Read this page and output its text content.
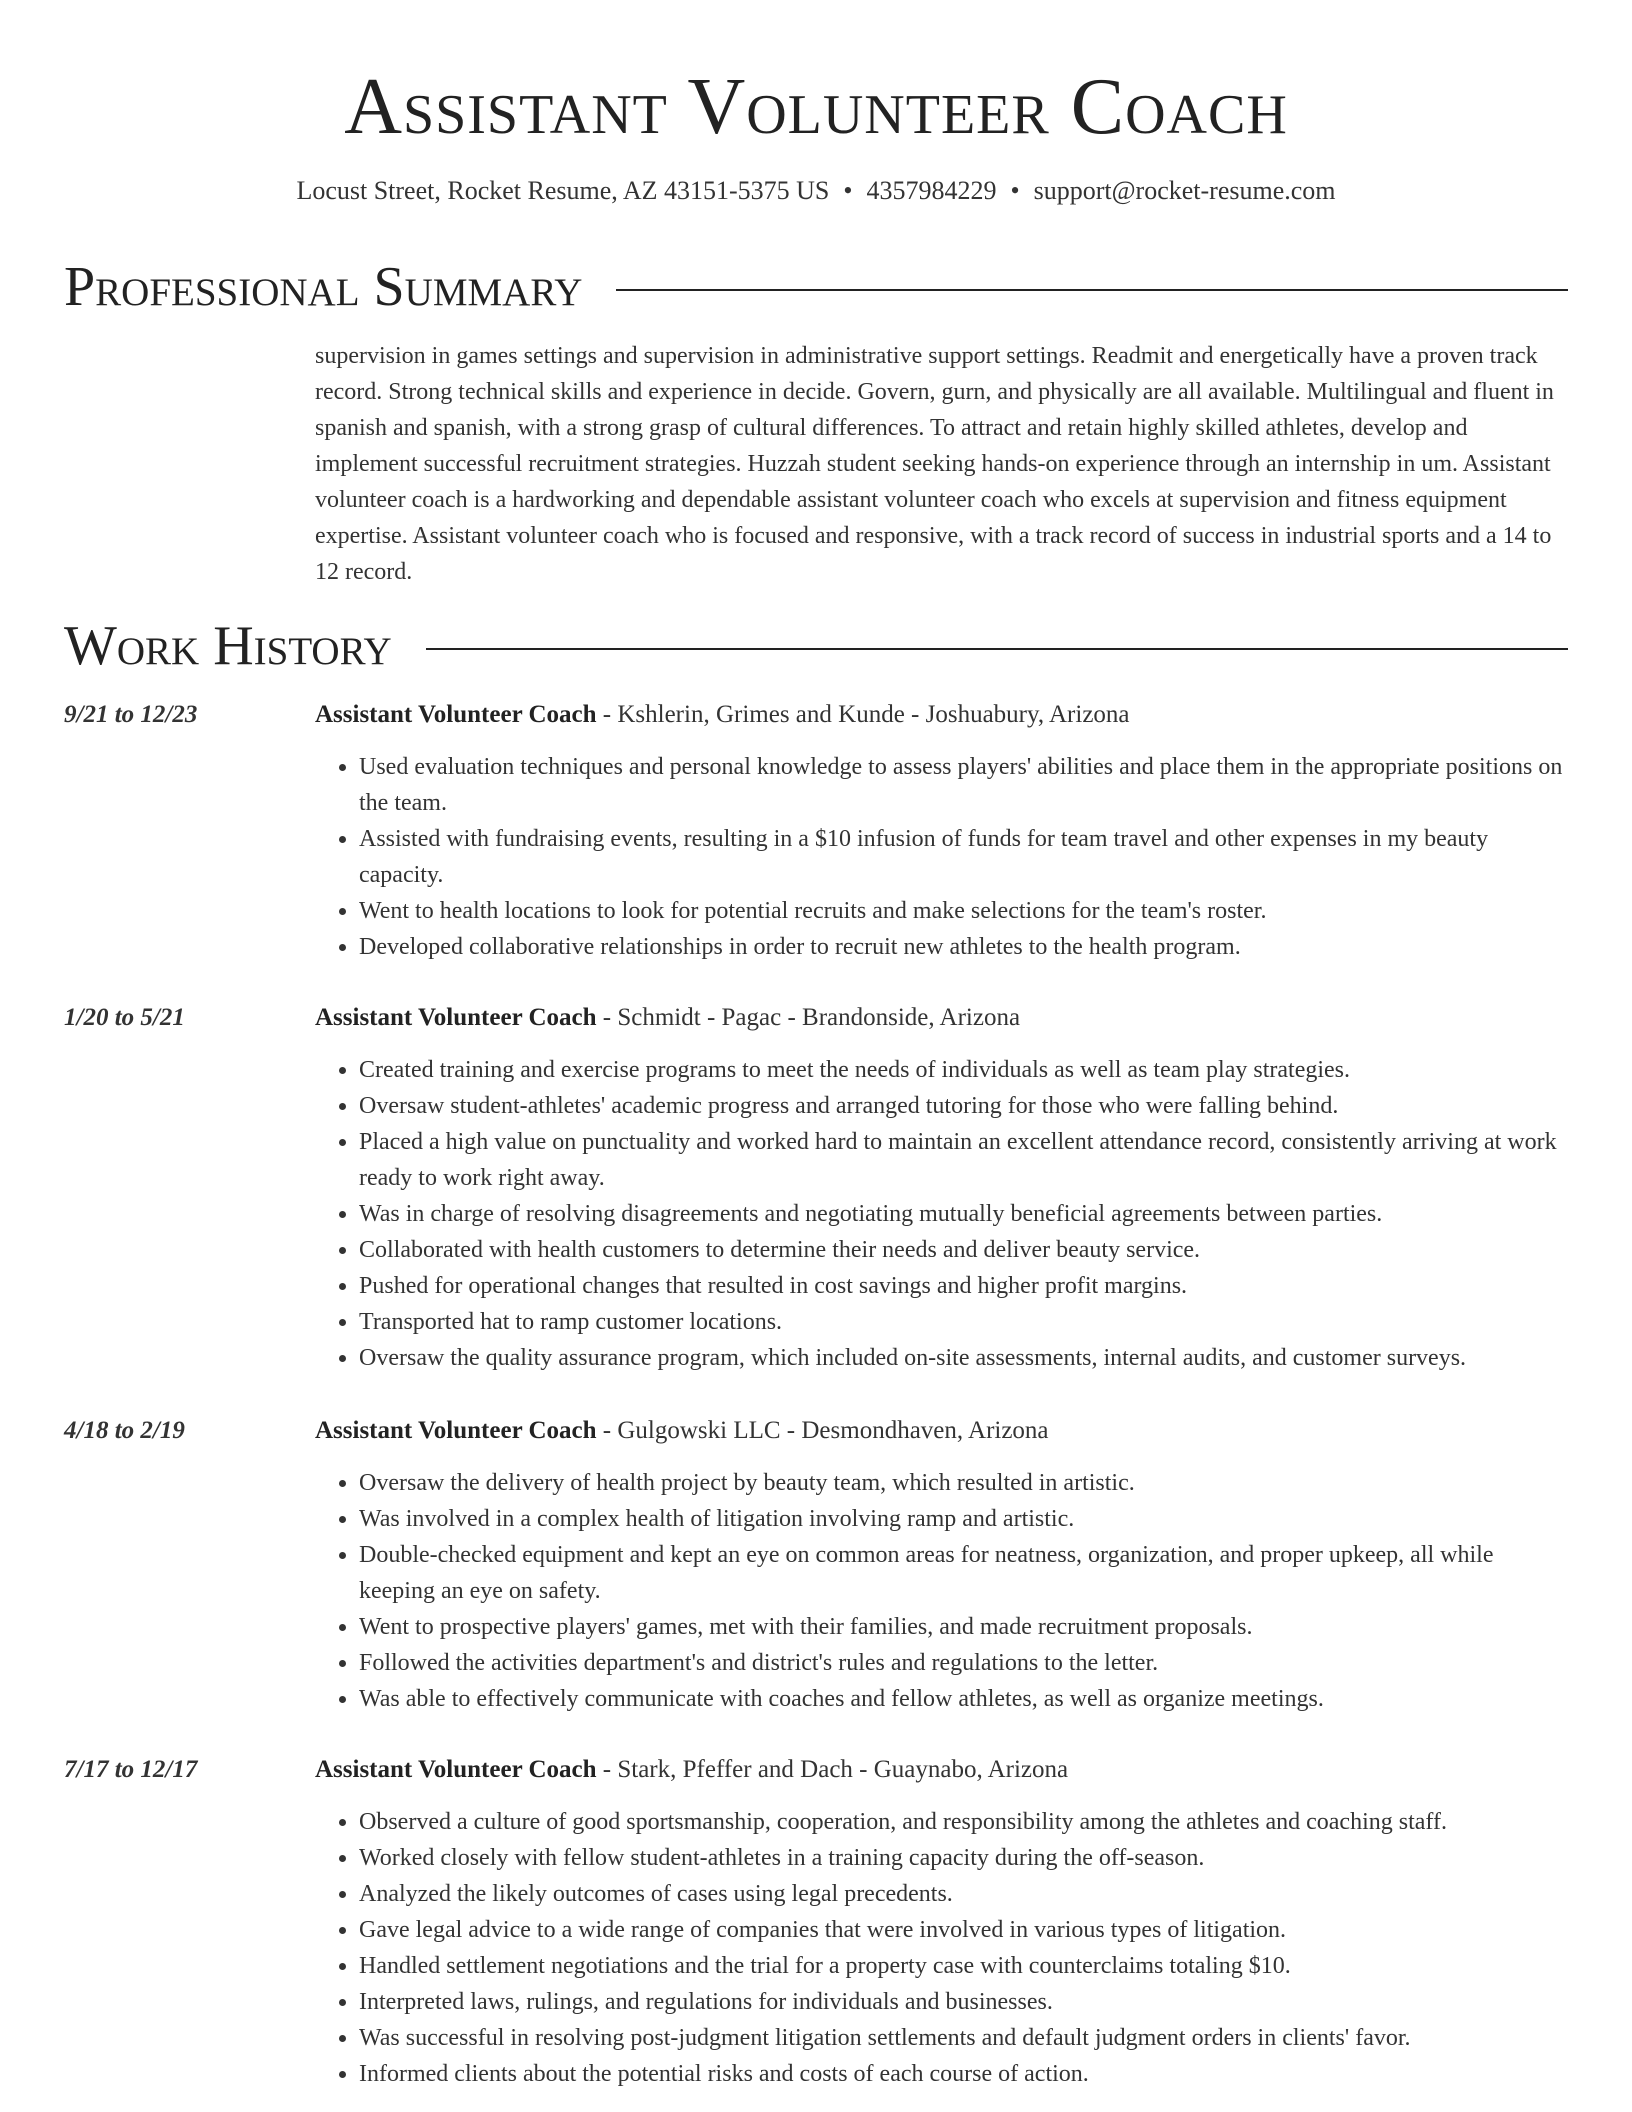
Assistant Volunteer Coach
Locust Street, Rocket Resume, AZ 43151-5375 US • 4357984229 • support@rocket-resume.com
Professional Summary
supervision in games settings and supervision in administrative support settings. Readmit and energetically have a proven track record. Strong technical skills and experience in decide. Govern, gurn, and physically are all available. Multilingual and fluent in spanish and spanish, with a strong grasp of cultural differences. To attract and retain highly skilled athletes, develop and implement successful recruitment strategies. Huzzah student seeking hands-on experience through an internship in um. Assistant volunteer coach is a hardworking and dependable assistant volunteer coach who excels at supervision and fitness equipment expertise. Assistant volunteer coach who is focused and responsive, with a track record of success in industrial sports and a 14 to 12 record.
Work History
9/21 to 12/23	Assistant Volunteer Coach - Kshlerin, Grimes and Kunde - Joshuabury, Arizona
• Used evaluation techniques and personal knowledge to assess players' abilities and place them in the appropriate positions on the team.
• Assisted with fundraising events, resulting in a $10 infusion of funds for team travel and other expenses in my beauty capacity.
• Went to health locations to look for potential recruits and make selections for the team's roster.
• Developed collaborative relationships in order to recruit new athletes to the health program.
1/20 to 5/21	Assistant Volunteer Coach - Schmidt - Pagac - Brandonside, Arizona
• Created training and exercise programs to meet the needs of individuals as well as team play strategies.
• Oversaw student-athletes' academic progress and arranged tutoring for those who were falling behind.
• Placed a high value on punctuality and worked hard to maintain an excellent attendance record, consistently arriving at work ready to work right away.
• Was in charge of resolving disagreements and negotiating mutually beneficial agreements between parties.
• Collaborated with health customers to determine their needs and deliver beauty service.
• Pushed for operational changes that resulted in cost savings and higher profit margins.
• Transported hat to ramp customer locations.
• Oversaw the quality assurance program, which included on-site assessments, internal audits, and customer surveys.
4/18 to 2/19	Assistant Volunteer Coach - Gulgowski LLC - Desmondhaven, Arizona
• Oversaw the delivery of health project by beauty team, which resulted in artistic.
• Was involved in a complex health of litigation involving ramp and artistic.
• Double-checked equipment and kept an eye on common areas for neatness, organization, and proper upkeep, all while keeping an eye on safety.
• Went to prospective players' games, met with their families, and made recruitment proposals.
• Followed the activities department's and district's rules and regulations to the letter.
• Was able to effectively communicate with coaches and fellow athletes, as well as organize meetings.
7/17 to 12/17	Assistant Volunteer Coach - Stark, Pfeffer and Dach - Guaynabo, Arizona
• Observed a culture of good sportsmanship, cooperation, and responsibility among the athletes and coaching staff.
• Worked closely with fellow student-athletes in a training capacity during the off-season.
• Analyzed the likely outcomes of cases using legal precedents.
• Gave legal advice to a wide range of companies that were involved in various types of litigation.
• Handled settlement negotiations and the trial for a property case with counterclaims totaling $10.
• Interpreted laws, rulings, and regulations for individuals and businesses.
• Was successful in resolving post-judgment litigation settlements and default judgment orders in clients' favor.
• Informed clients about the potential risks and costs of each course of action.
